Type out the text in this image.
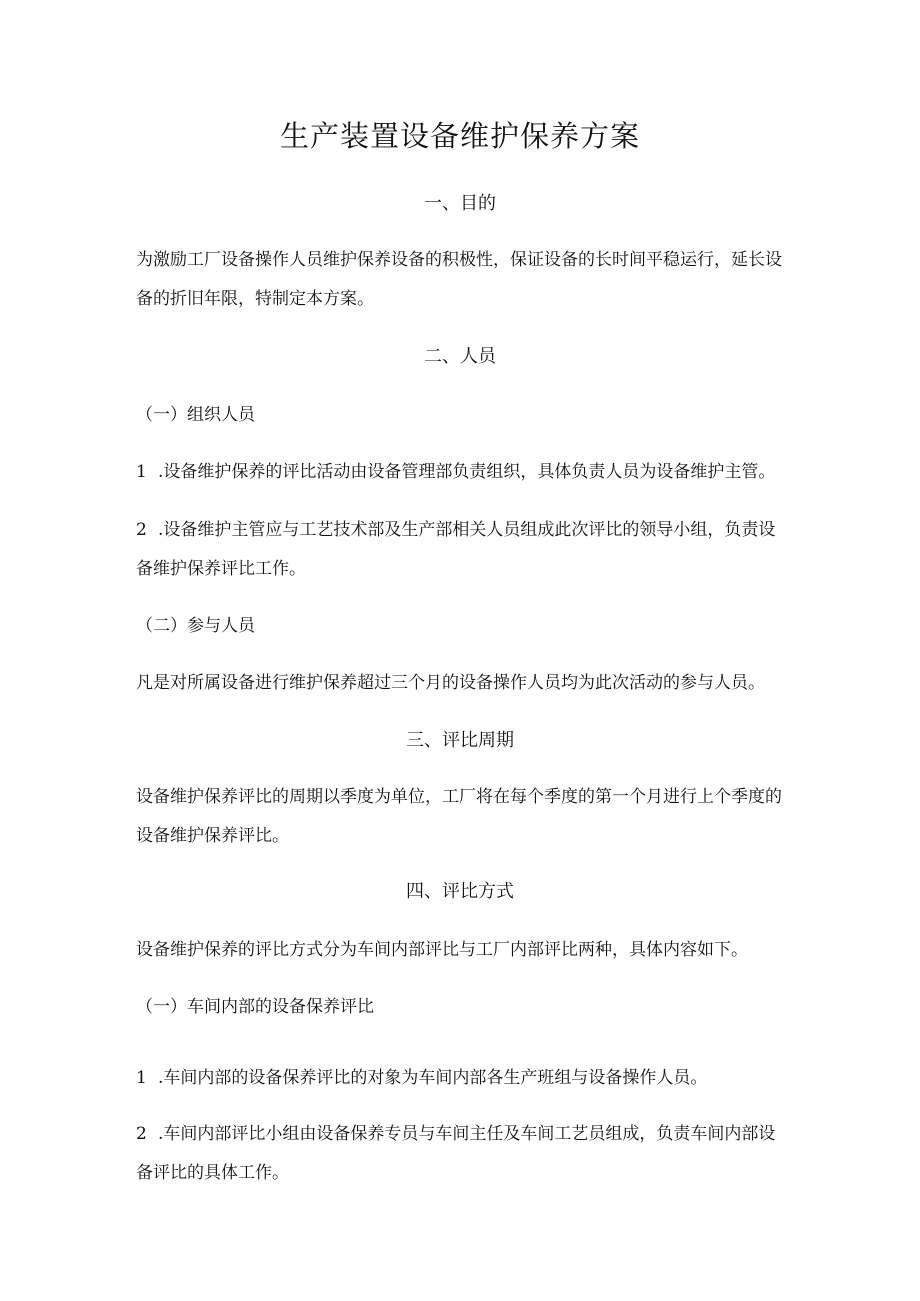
生产装置设备维护保养方案
一、目的

为激励工厂设备操作人员维护保养设备的积极性，保证设备的长时间平稳运行，延长设备的折旧年限，特制定本方案。

二、人员

（一）组织人员

1 .设备维护保养的评比活动由设备管理部负责组织，具体负责人员为设备维护主管。

2 .设备维护主管应与工艺技术部及生产部相关人员组成此次评比的领导小组，负责设备维护保养评比工作。

（二）参与人员

凡是对所属设备进行维护保养超过三个月的设备操作人员均为此次活动的参与人员。

三、评比周期

设备维护保养评比的周期以季度为单位，工厂将在每个季度的第一个月进行上个季度的设备维护保养评比。

四、评比方式

设备维护保养的评比方式分为车间内部评比与工厂内部评比两种，具体内容如下。

（一）车间内部的设备保养评比

1 .车间内部的设备保养评比的对象为车间内部各生产班组与设备操作人员。

2 .车间内部评比小组由设备保养专员与车间主任及车间工艺员组成，负责车间内部设备评比的具体工作。
